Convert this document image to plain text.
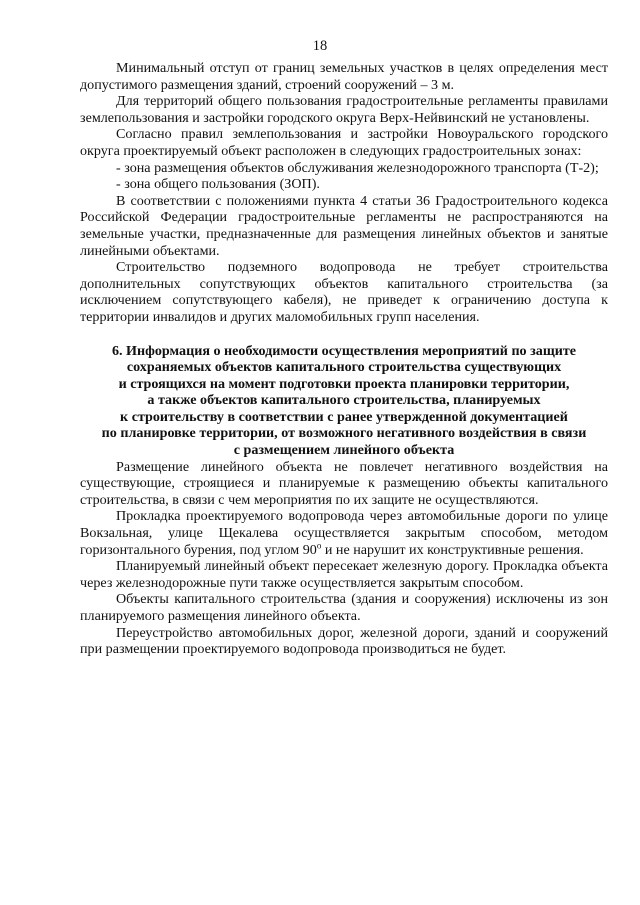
18

Минимальный отступ от границ земельных участков в целях определения мест допустимого размещения зданий, строений сооружений – 3 м.

Для территорий общего пользования градостроительные регламенты правилами землепользования и застройки городского округа Верх-Нейвинский не установлены.

Согласно правил землепользования и застройки Новоуральского городского округа проектируемый объект расположен в следующих градостроительных зонах:

- зона размещения объектов обслуживания железнодорожного транспорта (Т-2);

- зона общего пользования (ЗОП).

В соответствии с положениями пункта 4 статьи 36 Градостроительного кодекса Российской Федерации градостроительные регламенты не распространяются на земельные участки, предназначенные для размещения линейных объектов и занятые линейными объектами.

Строительство подземного водопровода не требует строительства дополнительных сопутствующих объектов капитального строительства (за исключением сопутствующего кабеля), не приведет к ограничению доступа к территории инвалидов и других маломобильных групп населения.

6. Информация о необходимости осуществления мероприятий по защите
сохраняемых объектов капитального строительства существующих
и строящихся на момент подготовки проекта планировки территории,
а также объектов капитального строительства, планируемых
к строительству в соответствии с ранее утвержденной документацией
по планировке территории, от возможного негативного воздействия в связи
с размещением линейного объекта

Размещение линейного объекта не повлечет негативного воздействия на существующие, строящиеся и планируемые к размещению объекты капитального строительства, в связи с чем мероприятия по их защите не осуществляются.

Прокладка проектируемого водопровода через автомобильные дороги по улице Вокзальная, улице Щекалева осуществляется закрытым способом, методом горизонтального бурения, под углом $90^о$ и не нарушит их конструктивные решения.

Планируемый линейный объект пересекает железную дорогу. Прокладка объекта через железнодорожные пути также осуществляется закрытым способом.

Объекты капитального строительства (здания и сооружения) исключены из зон планируемого размещения линейного объекта.

Переустройство автомобильных дорог, железной дороги, зданий и сооружений при размещении проектируемого водопровода производиться не будет.
